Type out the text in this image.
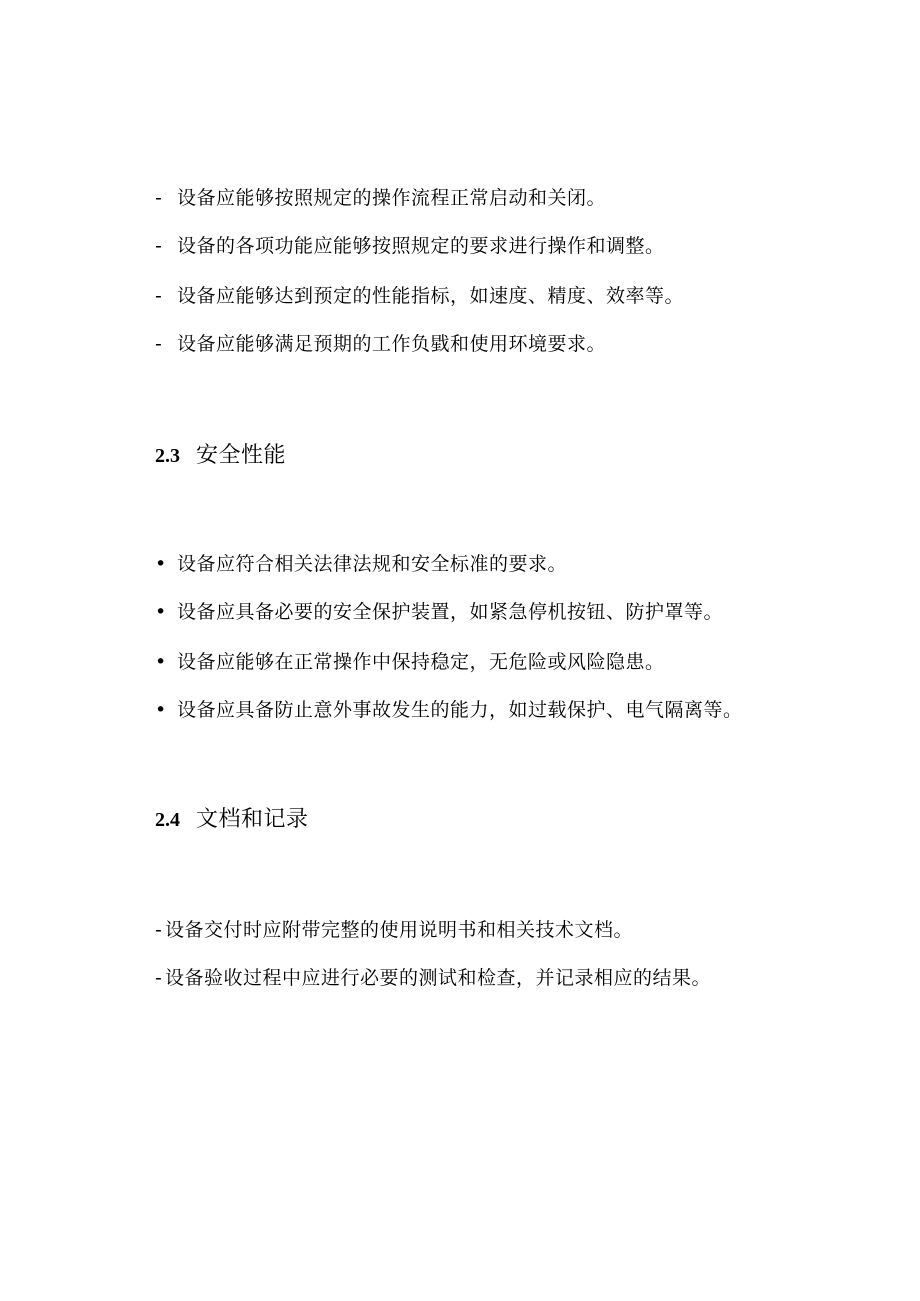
- 设备应能够按照规定的操作流程正常启动和关闭。
- 设备的各项功能应能够按照规定的要求进行操作和调整。
- 设备应能够达到预定的性能指标，如速度、精度、效率等。
- 设备应能够满足预期的工作负戥和使用环境要求。
2.3 安全性能
• 设备应符合相关法律法规和安全标准的要求。
• 设备应具备必要的安全保护装置，如紧急停机按钮、防护罩等。
• 设备应能够在正常操作中保持稳定，无危险或风险隐患。
• 设备应具备防止意外事故发生的能力，如过载保护、电气隔离等。
2.4 文档和记录
- 设备交付时应附带完整的使用说明书和相关技术文档。
- 设备验收过程中应进行必要的测试和检查，并记录相应的结果。
